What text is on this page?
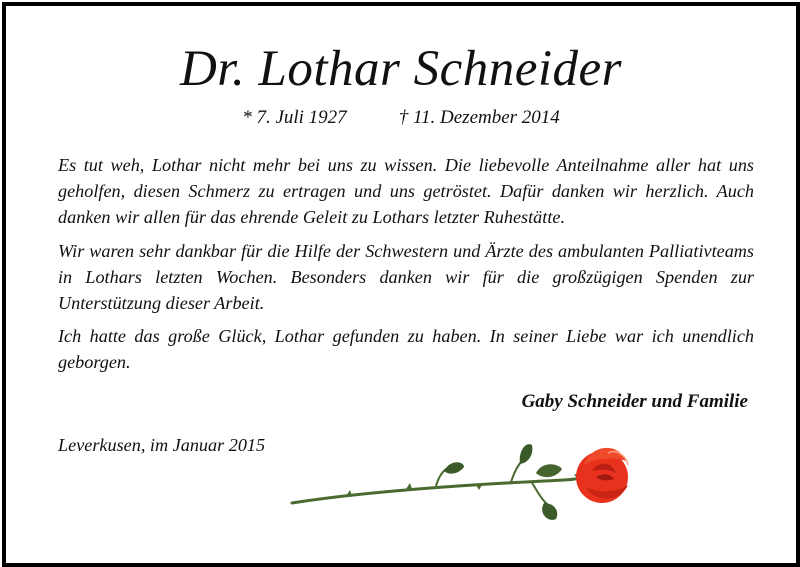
Dr. Lothar Schneider
* 7. Juli 1927	† 11. Dezember 2014

Es tut weh, Lothar nicht mehr bei uns zu wissen. Die liebevolle Anteilnahme aller hat uns geholfen, diesen Schmerz zu ertragen und uns getröstet. Dafür danken wir herzlich. Auch danken wir allen für das ehrende Geleit zu Lothars letzter Ruhestätte.

Wir waren sehr dankbar für die Hilfe der Schwestern und Ärzte des ambulanten Palliativteams in Lothars letzten Wochen. Besonders danken wir für die großzügigen Spenden zur Unterstützung dieser Arbeit.

Ich hatte das große Glück, Lothar gefunden zu haben. In seiner Liebe war ich unendlich geborgen.

Gaby Schneider und Familie
Leverkusen, im Januar 2015
